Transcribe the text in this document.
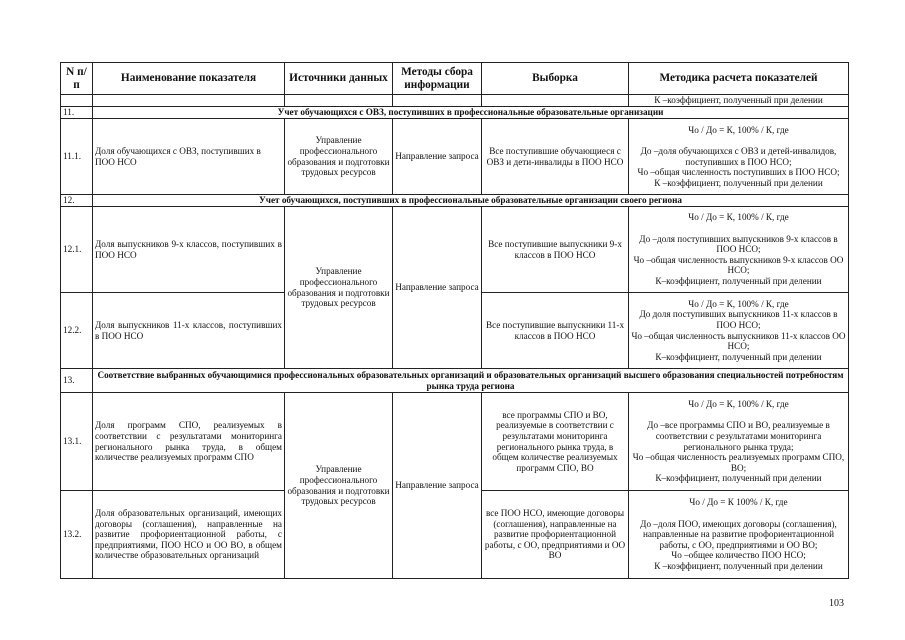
N п/п	Наименование показателя	Источники данных	Методы сбора информации	Выборка	Методика расчета показателей
					К –коэффициент, полученный при делении
11.	Учет обучающихся с ОВЗ, поступивших в профессиональные образовательные организации				
11.1.	Доля обучающихся с ОВЗ, поступивших в ПОО НСО	Управление профессионального образования и подготовки трудовых ресурсов	Направление запроса	Все поступившие обучающиеся с ОВЗ и дети-инвалиды в ПОО НСО	Чо / До = К, 100% / К, где

До –доля обучающихся с ОВЗ и детей-инвалидов, поступивших в ПОО НСО;
Чо –общая численность поступивших в ПОО НСО;
К –коэффициент, полученный при делении

12.	Учет обучающихся, поступивших в профессиональные образовательные организации своего региона				
12.1.	Доля выпускников 9-х классов, поступивших в ПОО НСО	Управление профессионального образования и подготовки трудовых ресурсов	Направление запроса	Все поступившие выпускники 9-х классов в ПОО НСО	Чо / До = К, 100% / К, где

До –доля поступивших выпускников 9-х классов в ПОО НСО;
Чо –общая численность выпускников 9-х классов ОО НСО;
К–коэффициент, полученный при делении

12.2.	Доля выпускников 11-х классов, поступивших в ПОО НСО			Все поступившие выпускники 11-х классов в ПОО НСО	Чо / До = К, 100% / К, где
До доля поступивших выпускников 11-х классов в ПОО НСО;
Чо –общая численность выпускников 11-х классов ОО НСО;
К–коэффициент, полученный при делении

13.	Соответствие выбранных обучающимися профессиональных образовательных организаций и образовательных организаций высшего образования специальностей потребностям рынка труда региона				
13.1.	Доля программ СПО, реализуемых в соответствии с результатами мониторинга регионального рынка труда, в общем количестве реализуемых программ СПО	Управление профессионального образования и подготовки трудовых ресурсов	Направление запроса	все программы СПО и ВО, реализуемые в соответствии с результатами мониторинга регионального рынка труда, в общем количестве реализуемых программ СПО, ВО	Чо / До = К, 100% / К, где

До –все программы СПО и ВО, реализуемые в соответствии с результатами мониторинга регионального рынка труда;
Чо –общая численность реализуемых программ СПО, ВО;
К–коэффициент, полученный при делении

13.2.	Доля образовательных организаций, имеющих договоры (соглашения), направленные на развитие профориентационной работы, с предприятиями, ПОО НСО и ОО ВО, в общем количестве образовательных организаций			все ПОО НСО, имеющие договоры (соглашения), направленные на развитие профориентационной работы, с ОО, предприятиями и ОО ВО	Чо / До = К 100% / К, где

До –доля ПОО, имеющих договоры (соглашения), направленные на развитие профориентационной работы, с ОО, предприятиями и ОО ВО;
Чо –общее количество ПОО НСО;
К –коэффициент, полученный при делении
103
